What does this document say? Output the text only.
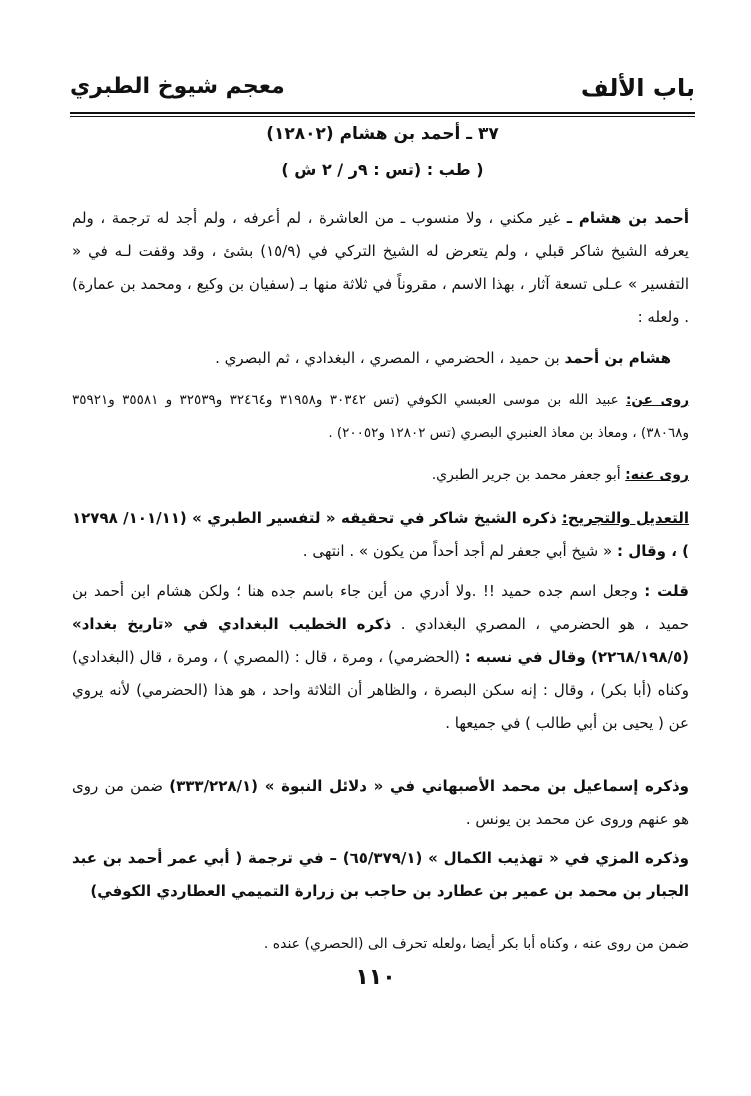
باب الألف
معجم شيوخ الطبري
٣٧ ـ أحمد بن هشام (١٢٨٠٢)
( طب : (تس : ٩ر / ٢ ش )
أحمد بن هشام ـ غير مكني ، ولا منسوب ـ من العاشرة ، لم أعرفه ، ولم أجد له ترجمة ، ولم يعرفه الشيخ شاكر قبلي ، ولم يتعرض له الشيخ التركي في (١٥/٩) بشئ ، وقد وقفت لـه في « التفسير » عـلى تسعة آثار ، بهذا الاسم ، مقروناً في ثلاثة منها بـ (سفيان بن وكيع ، ومحمد بن عمارة) . ولعله :
هشام بن أحمد بن حميد ، الحضرمي ، المصري ، البغدادي ، ثم البصري .
روى عن: عبيد الله بن موسى العبسي الكوفي (تس ٣٠٣٤٢ و٣١٩٥٨ و٣٢٤٦٤ و٣٢٥٣٩ و ٣٥٥٨١ و٣٥٩٢١ و٣٨٠٦٨) ، ومعاذ بن معاذ العنبري البصري (تس ١٢٨٠٢ و٢٠٠٥٢) .
روى عنه: أبو جعفر محمد بن جرير الطبري.
التعديل والتجريح: ذكره الشيخ شاكر في تحقيقه « لتفسير الطبري » (١٠١/١١/ ١٢٧٩٨ ) ، وقال : « شيخ أبي جعفر لم أجد أحداً من يكون » . انتهى .
قلت : وجعل اسم جده حميد !! .ولا أدري من أين جاء باسم جده هنا ؛ ولكن هشام ابن أحمد بن حميد ، هو الحضرمي ، المصري البغدادي . ذكره الخطيب البغدادي في «تاريخ بغداد» (٢٢٦٨/١٩٨/٥) وقال في نسبه : (الحضرمي) ، ومرة ، قال : (المصري ) ، ومرة ، قال (البغدادي) وكناه (أبا بكر) ، وقال : إنه سكن البصرة ، والظاهر أن الثلاثة واحد ، هو هذا (الحضرمي) لأنه يروي عن ( يحيى بن أبي طالب ) في جميعها .
وذكره إسماعيل بن محمد الأصبهاني في « دلائل النبوة » (٣٣٣/٢٢٨/١) ضمن من روى هو عنهم وروى عن محمد بن يونس .
وذكره المزي في « تهذيب الكمال » (٦٥/٣٧٩/١) – في ترجمة ( أبي عمر أحمد بن عبد الجبار بن محمد بن عمير بن عطارد بن حاجب بن زرارة التميمي العطاردي الكوفي)
ضمن من روى عنه ، وكناه أبا بكر أيضا ،ولعله تحرف الى (الحصري) عنده .
١١٠
